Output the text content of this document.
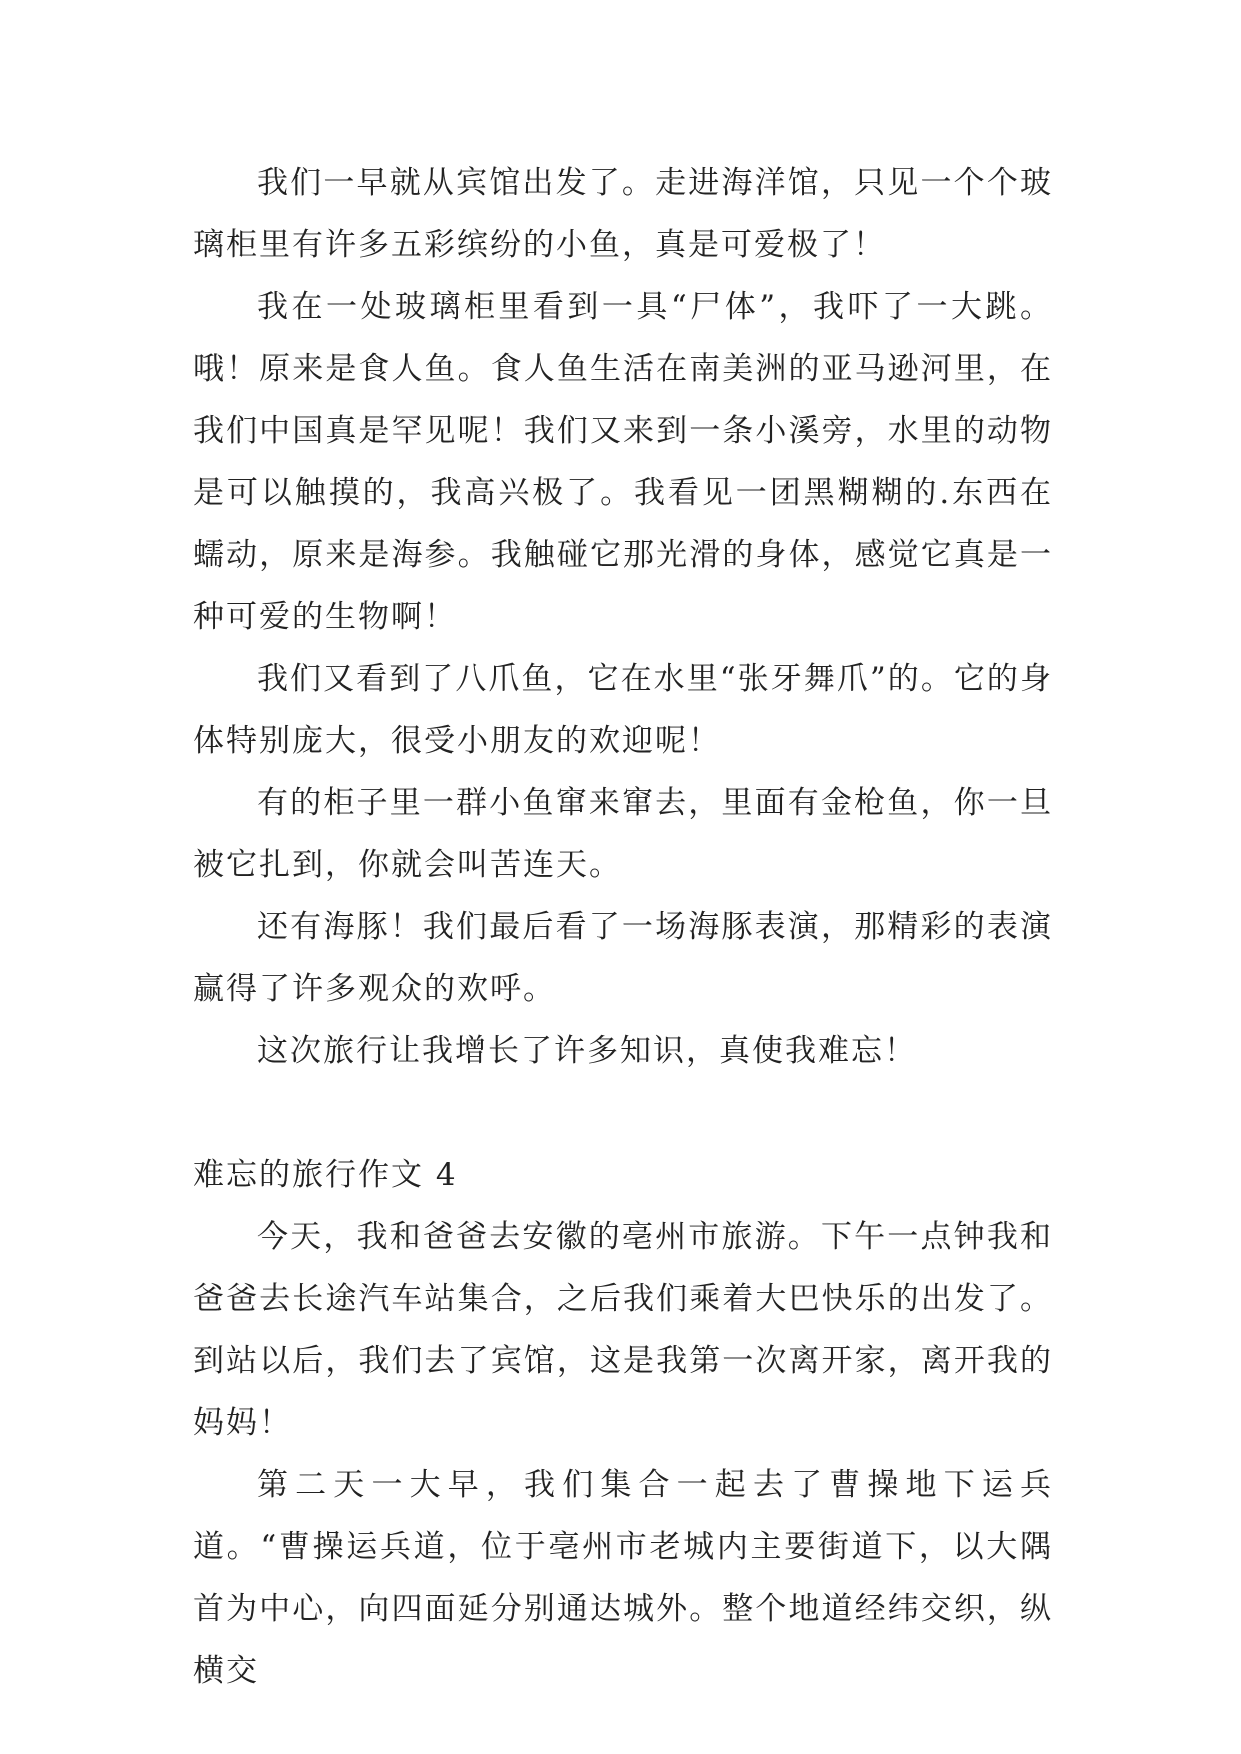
我们一早就从宾馆出发了。走进海洋馆，只见一个个玻璃柜里有许多五彩缤纷的小鱼，真是可爱极了！

我在一处玻璃柜里看到一具“尸体”，我吓了一大跳。哦！原来是食人鱼。食人鱼生活在南美洲的亚马逊河里，在我们中国真是罕见呢！我们又来到一条小溪旁，水里的动物是可以触摸的，我高兴极了。我看见一团黑糊糊的.东西在蠕动，原来是海参。我触碰它那光滑的身体，感觉它真是一种可爱的生物啊！

我们又看到了八爪鱼，它在水里“张牙舞爪”的。它的身体特别庞大，很受小朋友的欢迎呢！

有的柜子里一群小鱼窜来窜去，里面有金枪鱼，你一旦被它扎到，你就会叫苦连天。

还有海豚！我们最后看了一场海豚表演，那精彩的表演赢得了许多观众的欢呼。

这次旅行让我增长了许多知识，真使我难忘！

难忘的旅行作文 4

今天，我和爸爸去安徽的亳州市旅游。下午一点钟我和爸爸去长途汽车站集合，之后我们乘着大巴快乐的出发了。到站以后，我们去了宾馆，这是我第一次离开家，离开我的妈妈！

第二天一大早，我们集合一起去了曹操地下运兵道。“曹操运兵道，位于亳州市老城内主要街道下，以大隅首为中心，向四面延分别通达城外。整个地道经纬交织，纵横交
